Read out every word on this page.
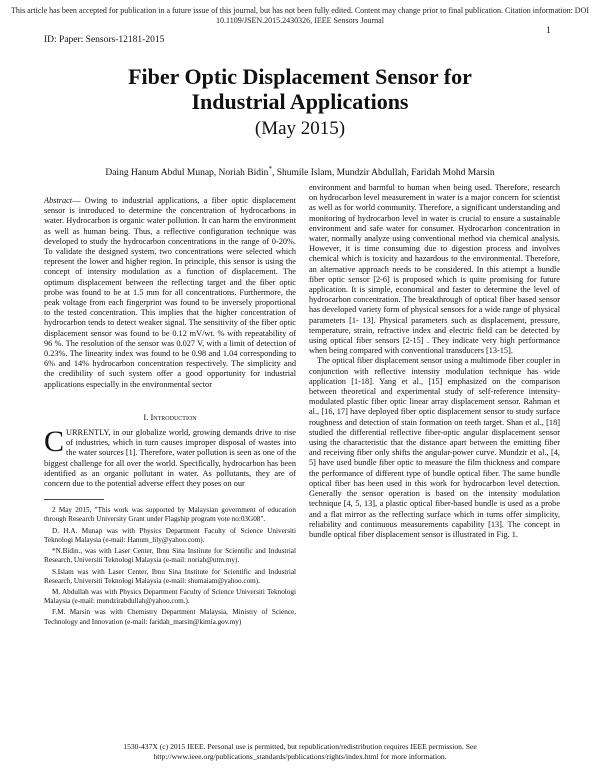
This article has been accepted for publication in a future issue of this journal, but has not been fully edited. Content may change prior to final publication. Citation information: DOI
10.1109/JSEN.2015.2430326, IEEE Sensors Journal
1
ID: Paper: Sensors-12181-2015
Fiber Optic Displacement Sensor for
Industrial Applications
(May 2015)
Daing Hanum Abdul Munap, Noriah Bidin*, Shumile Islam, Mundzir Abdullah, Faridah Mohd Marsin

Abstract— Owing to industrial applications, a fiber optic displacement sensor is introduced to determine the concentration of hydrocarbons in water. Hydrocarbon is organic water pollution. It can harm the environment as well as human being. Thus, a reflective configuration technique was developed to study the hydrocarbon concentrations in the range of 0-20%. To validate the designed system, two concentrations were selected which represent the lower and higher region. In principle, this sensor is using the concept of intensity modulation as a function of displacement. The optimum displacement between the reflecting target and the fiber optic probe was found to be at 1.5 mm for all concentrations. Furthermore, the peak voltage from each fingerprint was found to be inversely proportional to the tested concentration. This implies that the higher concentration of hydrocarbon tends to detect weaker signal. The sensitivity of the fiber optic displacement sensor was found to be 0.12 mV/wt. % with repeatability of 96 %. The resolution of the sensor was 0.027 V, with a limit of detection of 0.23%. The linearity index was found to be 0.98 and 1.04 corresponding to 6% and 14% hydrocarbon concentration respectively. The simplicity and the credibility of such system offer a good opportunity for industrial applications especially in the environmental sector

I. Introduction

CURRENTLY, in our globalize world, growing demands drive to rise of industries, which in turn causes improper disposal of wastes into the water sources [1]. Therefore, water pollution is seen as one of the biggest challenge for all over the world. Specifically, hydrocarbon has been identified as an organic pollutant in water. As pollutants, they are of concern due to the potential adverse effect they poses on our

2 May 2015, "This work was supported by Malaysian government of education through Research University Grant under Flagship program vote no:03G08".

D. H.A. Munap was with Physics Department Faculty of Science Universiti Teknologi Malaysia (e-mail: Hanum_lily@yahoo.com).

*N.Bidin., was with Laser Center, Ibnu Sina Institute for Scientific and Industrial Research, Universiti Teknologi Malaysia (e-mail: noriah@utm.my).

S.Islam was with Laser Center, Ibnu Sina Institute for Scientific and Industrial Research, Universiti Teknologi Malaysia (e-mail: shumaiam@yahoo.com).

M. Abdullah was with Physics Department Faculty of Science Universiti Teknologi Malaysia (e-mail: mundzirabdullah@yahoo.com.).

F.M. Marsin was with Chemistry Department Malaysia, Ministry of Science, Technology and Innovation (e-mail: faridah_marsin@kimia.gov.my)

environment and harmful to human when being used. Therefore, research on hydrocarbon level measurement in water is a major concern for scientist as well as for world community. Therefore, a significant understanding and monitoring of hydrocarbon level in water is crucial to ensure a sustainable environment and safe water for consumer. Hydrocarbon concentration in water, normally analyze using conventional method via chemical analysis. However, it is time consuming due to digestion process and involves chemical which is toxicity and hazardous to the environmental. Therefore, an alternative approach needs to be considered. In this attempt a bundle fiber optic sensor [2-6] is proposed which is quite promising for future application. It is simple, economical and faster to determine the level of hydrocarbon concentration. The breakthrough of optical fiber based sensor has developed variety form of physical sensors for a wide range of physical parameters [1- 13]. Physical parameters such as displacement, pressure, temperature, strain, refractive index and electric field can be detected by using optical fiber sensors [2-15] . They indicate very high performance when being compared with conventional transducers [13-15].

The optical fiber displacement sensor using a multimode fiber coupler in conjunction with reflective intensity modulation technique has wide application [1-18]. Yang et al., [15] emphasized on the comparison between theoretical and experimental study of self-reference intensity-modulated plastic fiber optic linear array displacement sensor. Rahman et al., [16, 17] have deployed fiber optic displacement sensor to study surface roughness and detection of stain formation on teeth target. Shan et al., [18] studied the differential reflective fiber-optic angular displacement sensor using the characteristic that the distance apart between the emitting fiber and receiving fiber only shifts the angular-power curve. Mundzir et al., [4, 5] have used bundle fiber optic to measure the film thickness and compare the performance of different type of bundle optical fiber. The same bundle optical fiber has been used in this work for hydrocarbon level detection. Generally the sensor operation is based on the intensity modulation technique [4, 5, 13], a plastic optical fiber-based bundle is used as a probe and a flat mirror as the reflecting surface which in turns offer simplicity, reliability and continuous measurements capability [13]. The concept in bundle optical fiber displacement sensor is illustrated in Fig. 1.

1530-437X (c) 2015 IEEE. Personal use is permitted, but republication/redistribution requires IEEE permission. See
http://www.ieee.org/publications_standards/publications/rights/index.html for more information.
